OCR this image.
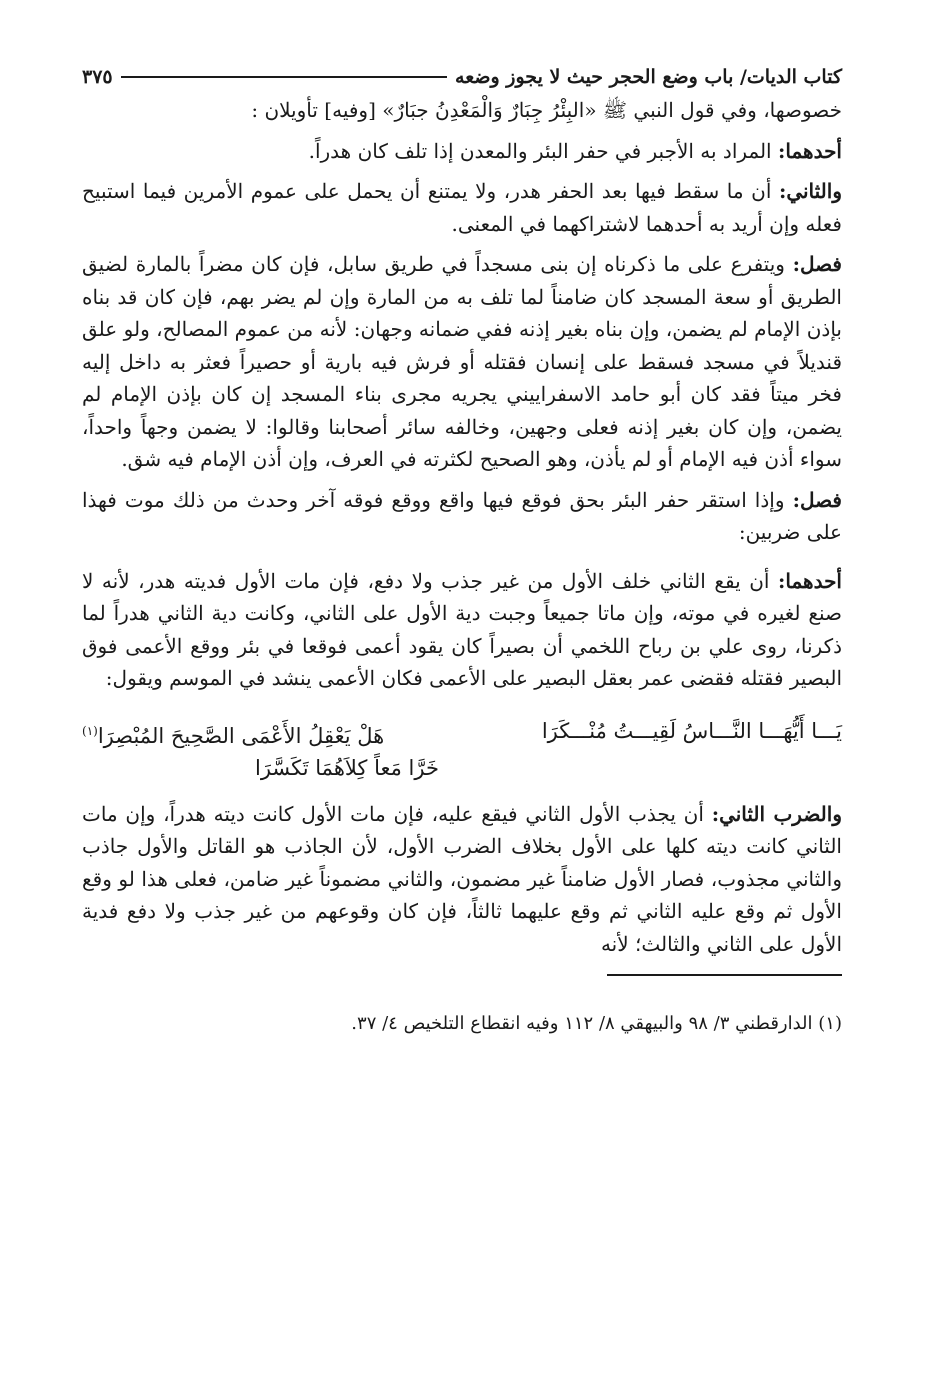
كتاب الديات/ باب وضع الحجر حيث لا يجوز وضعه
٣٧٥

خصوصها، وفي قول النبي ﷺ «البِئْرُ جِبَارٌ وَالْمَعْدِنُ جبَارٌ» [وفيه] تأويلان :

أحدهما: المراد به الأجبر في حفر البئر والمعدن إذا تلف كان هدراً.

والثاني: أن ما سقط فيها بعد الحفر هدر، ولا يمتنع أن يحمل على عموم الأمرين فيما استبيح فعله وإن أريد به أحدهما لاشتراكهما في المعنى.

فصل: ويتفرع على ما ذكرناه إن بنى مسجداً في طريق سابل، فإن كان مضراً بالمارة لضيق الطريق أو سعة المسجد كان ضامناً لما تلف به من المارة وإن لم يضر بهم، فإن كان قد بناه بإذن الإمام لم يضمن، وإن بناه بغير إذنه ففي ضمانه وجهان: لأنه من عموم المصالح، ولو علق قنديلاً في مسجد فسقط على إنسان فقتله أو فرش فيه بارية أو حصيراً فعثر به داخل إليه فخر ميتاً فقد كان أبو حامد الاسفراييني يجريه مجرى بناء المسجد إن كان بإذن الإمام لم يضمن، وإن كان بغير إذنه فعلى وجهين، وخالفه سائر أصحابنا وقالوا: لا يضمن وجهاً واحداً، سواء أذن فيه الإمام أو لم يأذن، وهو الصحيح لكثرته في العرف، وإن أذن الإمام فيه شق.

فصل: وإذا استقر حفر البئر بحق فوقع فيها واقع ووقع فوقه آخر وحدث من ذلك موت فهذا على ضربين:

أحدهما: أن يقع الثاني خلف الأول من غير جذب ولا دفع، فإن مات الأول فديته هدر، لأنه لا صنع لغيره في موته، وإن ماتا جميعاً وجبت دية الأول على الثاني، وكانت دية الثاني هدراً لما ذكرنا، روى علي بن رباح اللخمي أن بصيراً كان يقود أعمى فوقعا في بئر ووقع الأعمى فوق البصير فقتله فقضى عمر بعقل البصير على الأعمى فكان الأعمى ينشد في الموسم ويقول:

يَـــا أَيُّهَـــا النَّـــاسُ لَقِيـــتُ مُنْـــكَرَا
هَلْ يَعْقِلُ الأَعْمَى الصَّحِيحَ المُبْصِرَا$^{(١)}$
خَرَّا مَعاً كِلاَهُمَا تَكَسَّرَا

والضرب الثاني: أن يجذب الأول الثاني فيقع عليه، فإن مات الأول كانت ديته هدراً، وإن مات الثاني كانت ديته كلها على الأول بخلاف الضرب الأول، لأن الجاذب هو القاتل والأول جاذب والثاني مجذوب، فصار الأول ضامناً غير مضمون، والثاني مضموناً غير ضامن، فعلى هذا لو وقع الأول ثم وقع عليه الثاني ثم وقع عليهما ثالثاً، فإن كان وقوعهم من غير جذب ولا دفع فدية الأول على الثاني والثالث؛ لأنه

(١) الدارقطني ٣/ ٩٨ والبيهقي ٨/ ١١٢ وفيه انقطاع التلخيص ٤/ ٣٧.
